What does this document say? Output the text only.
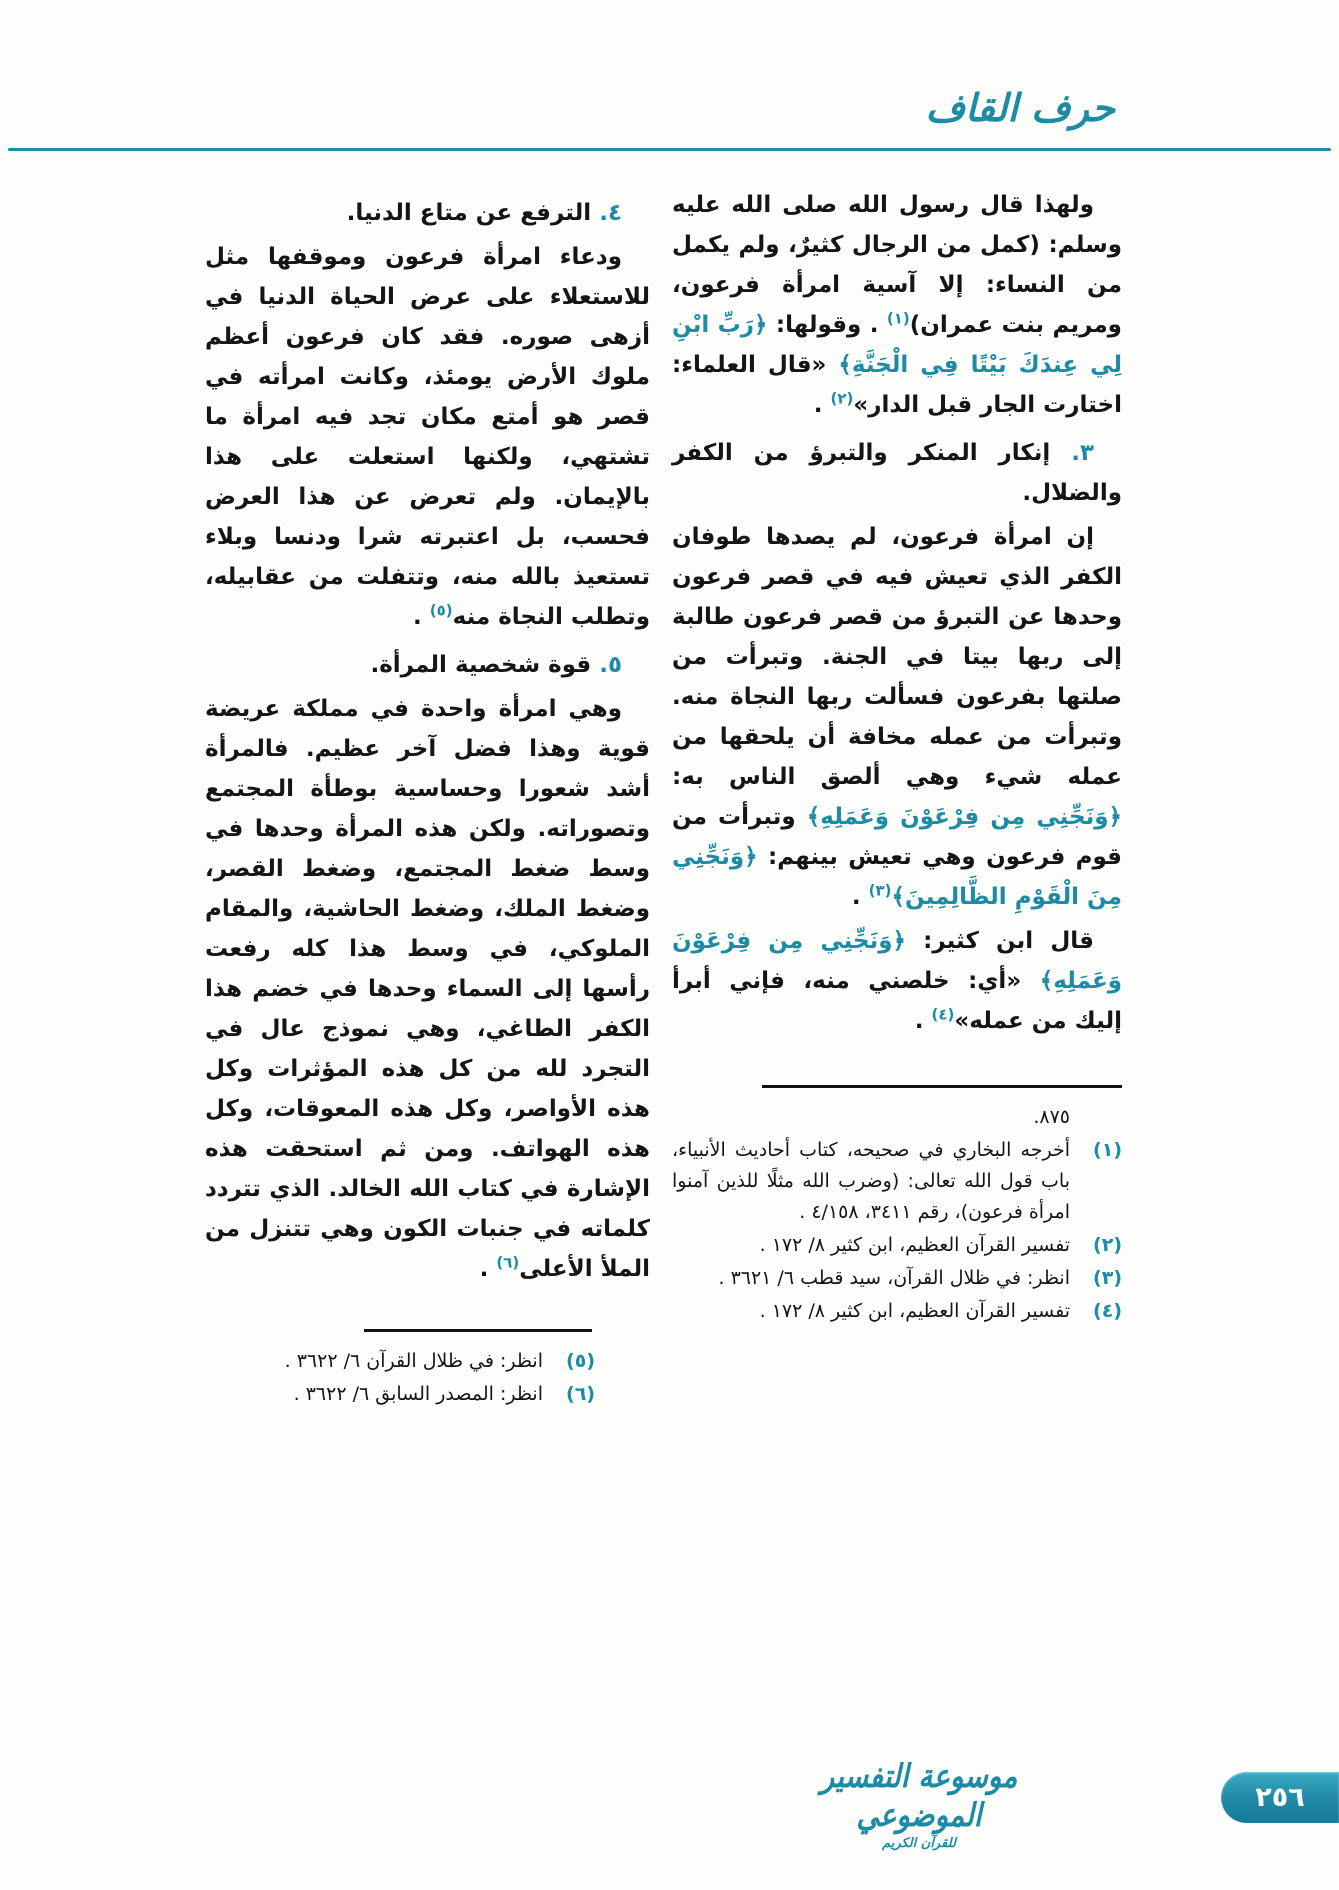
حرف القاف
ولهذا قال رسول الله صلى الله عليه وسلم: (كمل من الرجال كثيرٌ، ولم يكمل من النساء: إلا آسية امرأة فرعون، ومريم بنت عمران)$^{(١)}$ . وقولها: ﴿رَبِّ ابْنِ لِي عِندَكَ بَيْتًا فِي الْجَنَّةِ﴾ «قال العلماء: اختارت الجار قبل الدار»$^{(٢)}$ .
٣. إنكار المنكر والتبرؤ من الكفر والضلال.
إن امرأة فرعون، لم يصدها طوفان الكفر الذي تعيش فيه في قصر فرعون وحدها عن التبرؤ من قصر فرعون طالبة إلى ربها بيتا في الجنة. وتبرأت من صلتها بفرعون فسألت ربها النجاة منه. وتبرأت من عمله مخافة أن يلحقها من عمله شيء وهي ألصق الناس به: ﴿وَنَجِّنِي مِن فِرْعَوْنَ وَعَمَلِهِ﴾ وتبرأت من قوم فرعون وهي تعيش بينهم: ﴿وَنَجِّنِي مِنَ الْقَوْمِ الظَّالِمِينَ﴾$^{(٣)}$ .
قال ابن كثير: ﴿وَنَجِّنِي مِن فِرْعَوْنَ وَعَمَلِهِ﴾ «أي: خلصني منه، فإني أبرأ إليك من عمله»$^{(٤)}$ .
٨٧٥.
(١)
أخرجه البخاري في صحيحه، كتاب أحاديث الأنبياء، باب قول الله تعالى: (وضرب الله مثلًا للذين آمنوا امرأة فرعون)، رقم ٣٤١١، ٤/١٥٨ .
(٢)
تفسير القرآن العظيم، ابن كثير ٨/ ١٧٢ .
(٣)
انظر: في ظلال القرآن، سيد قطب ٦/ ٣٦٢١ .
(٤)
تفسير القرآن العظيم، ابن كثير ٨/ ١٧٢ .
٤. الترفع عن متاع الدنيا.
ودعاء امرأة فرعون وموقفها مثل للاستعلاء على عرض الحياة الدنيا في أزهى صوره. فقد كان فرعون أعظم ملوك الأرض يومئذ، وكانت امرأته في قصر هو أمتع مكان تجد فيه امرأة ما تشتهي، ولكنها استعلت على هذا بالإيمان. ولم تعرض عن هذا العرض فحسب، بل اعتبرته شرا ودنسا وبلاء تستعيذ بالله منه، وتتفلت من عقابيله، وتطلب النجاة منه$^{(٥)}$ .
٥. قوة شخصية المرأة.
وهي امرأة واحدة في مملكة عريضة قوية وهذا فضل آخر عظيم. فالمرأة أشد شعورا وحساسية بوطأة المجتمع وتصوراته. ولكن هذه المرأة وحدها في وسط ضغط المجتمع، وضغط القصر، وضغط الملك، وضغط الحاشية، والمقام الملوكي، في وسط هذا كله رفعت رأسها إلى السماء وحدها في خضم هذا الكفر الطاغي، وهي نموذج عال في التجرد لله من كل هذه المؤثرات وكل هذه الأواصر، وكل هذه المعوقات، وكل هذه الهواتف. ومن ثم استحقت هذه الإشارة في كتاب الله الخالد. الذي تتردد كلماته في جنبات الكون وهي تتنزل من الملأ الأعلى$^{(٦)}$ .
(٥)
انظر: في ظلال القرآن ٦/ ٣٦٢٢ .
(٦)
انظر: المصدر السابق ٦/ ٣٦٢٢ .
موسوعة التفسير الموضوعي
للقرآن الكريم
٢٥٦
